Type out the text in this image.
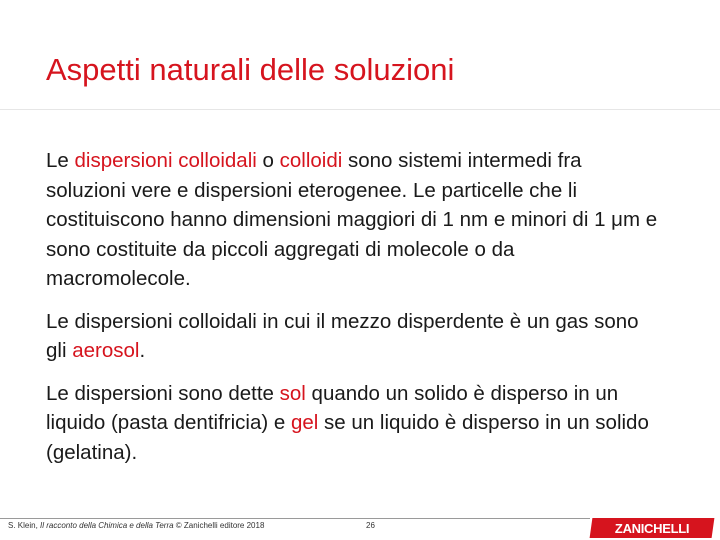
Aspetti naturali delle soluzioni

Le dispersioni colloidali o colloidi sono sistemi intermedi fra soluzioni vere e dispersioni eterogenee. Le particelle che li costituiscono hanno dimensioni maggiori di 1 nm e minori di 1 μm e sono costituite da piccoli aggregati di molecole o da macromolecole.

Le dispersioni colloidali in cui il mezzo disperdente è un gas sono gli aerosol.

Le dispersioni sono dette sol quando un solido è disperso in un liquido (pasta dentifricia) e gel se un liquido è disperso in un solido (gelatina).

S. Klein, Il racconto della Chimica e della Terra © Zanichelli editore 2018	26	ZANICHELLI
